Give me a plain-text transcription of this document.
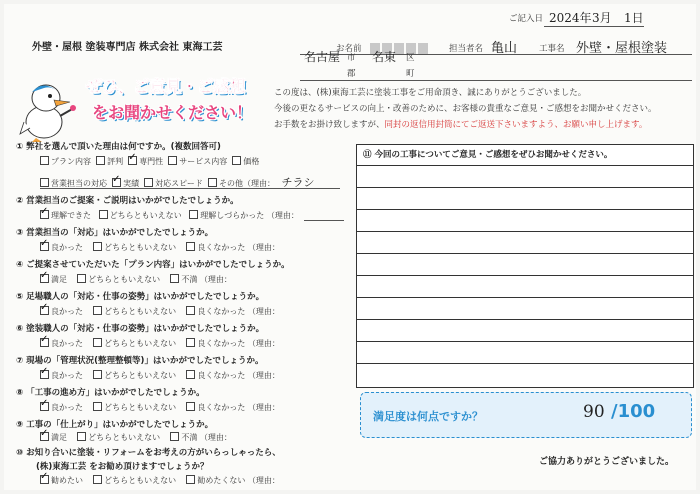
ご記入日 2024年 3月 1日
外壁・屋根 塗装専門店 株式会社 東海工芸
ぜひ、ご意見・ご感想
をお聞かせください！
お名前	担当者名 亀山	工事名 外壁・屋根塗装
名古屋 市 名東 区
郡	町
この度は、(株)東海工芸に塗装工事をご用命頂き、誠にありがとうございました。
今後の更なるサービスの向上・改善のために、お客様の貴重なご意見・ご感想をお聞かせください。
お手数をお掛け致しますが、同封の返信用封筒にてご返送下さいますよう、お願い申し上げます。
① 弊社を選んで頂いた理由は何ですか。(複数回答可)
プラン内容 評判 ✓ 専門性 サービス内容 価格
営業担当の対応 ✓ 実績 対応スピード その他（理由： チラシ
② 営業担当のご提案・ご説明はいかがでしたでしょうか。
✓理解できた どちらともいえない 理解しづらかった （理由：
③ 営業担当の「対応」はいかがでしたでしょうか。
✓良かった	どちらともいえない	良くなかった （理由：
④ ご提案させていただいた「プラン内容」はいかがでしたでしょうか。
✓満足	どちらともいえない	不満 （理由：
⑤ 足場職人の「対応・仕事の姿勢」はいかがでしたでしょうか。
✓良かった	どちらともいえない	良くなかった （理由：
⑥ 塗装職人の「対応・仕事の姿勢」はいかがでしたでしょうか。
✓良かった	どちらともいえない	良くなかった （理由：
⑦ 現場の「管理状況(整理整頓等)」はいかがでしたでしょうか。
✓良かった	どちらともいえない	良くなかった （理由：
⑧ 「工事の進め方」はいかがでしたでしょうか。
✓良かった	どちらともいえない	良くなかった （理由：
⑨ 工事の「仕上がり」はいかがでしたでしょうか。
✓満足	どちらともいえない	不満 （理由：
⑩ お知り合いに塗装・リフォームをお考えの方がいらっしゃったら、
(株)東海工芸 をお勧め頂けますでしょうか？
✓勧めたい	どちらともいえない	勧めたくない （理由：
⑪ 今回の工事についてご意見・ご感想をぜひお聞かせください。
満足度は何点ですか？	90 /100
ご協力ありがとうございました。
